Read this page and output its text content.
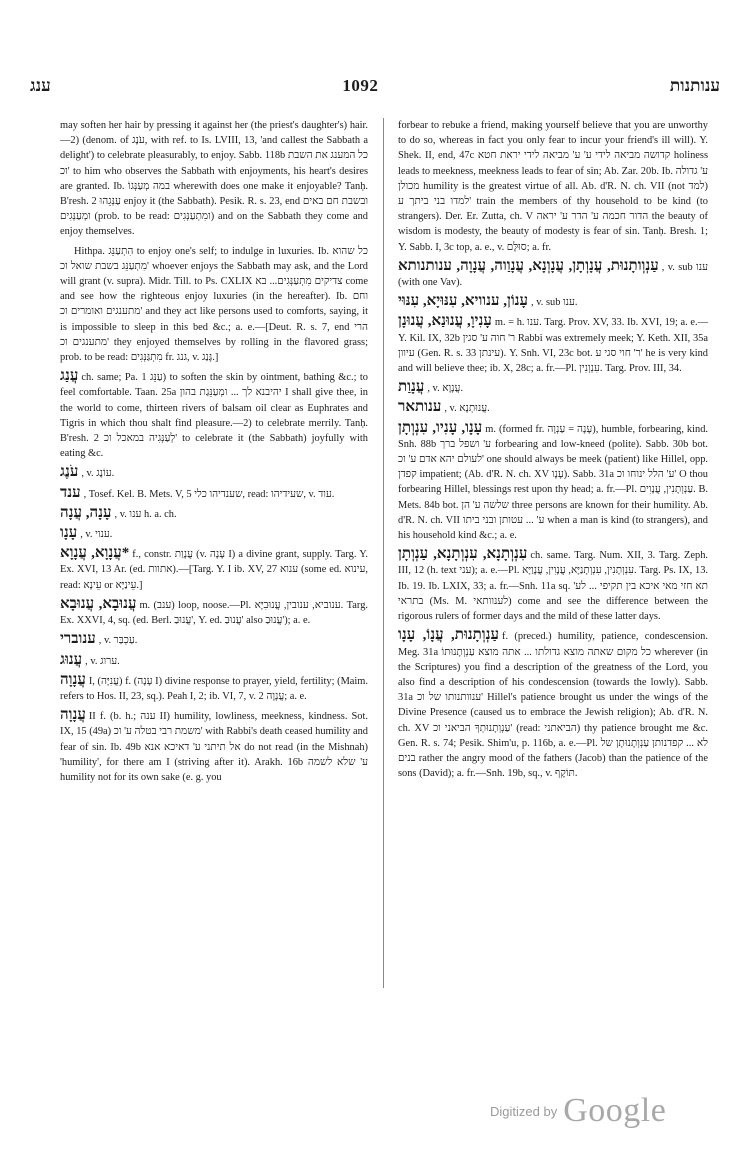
ענג	1092	ענותנות

may soften her hair by pressing it against her (the priest's daughter's) hair.—2) (denom. of עֹנֶג, with ref. to Is. LVIII, 13, 'and callest the Sabbath a delight') to celebrate pleasurably, to enjoy. Sabb. 118b כל המענג את השבת וכ' to him who observes the Sabbath with enjoyments, his heart's desires are granted. Ib. במה מְעַנְּגוֹ wherewith does one make it enjoyable? Tanḥ. B'resh. 2 עַנְּגֵהוּ enjoy it (the Sabbath). Pesik. R. s. 23, end ובשבת חם באים ומְעַנְּגִים (prob. to be read: ומִתְעַנְּגִים) and on the Sabbath they come and enjoy themselves.

Hithpa. הִתְעַנֵּג to enjoy one's self; to indulge in luxuries. Ib. כל שהוא מִתְעַנֵּג בשבת שואל וכ' whoever enjoys the Sabbath may ask, and the Lord will grant (v. supra). Midr. Till. to Ps. CXLIX צדיקים מִתְעַנְּגִים... בא come and see how the righteous enjoy luxuries (in the hereafter). Ib. וחם מתענגים ואומרים וכ' and they act like persons used to comforts, saying, it is impossible to sleep in this bed &c.; a. e.—[Deut. R. s. 7, end הרי מתענגים וכ' they enjoyed themselves by rolling in the flavored grass; prob. to be read: מִתְגַּנְּגִים fr. גנג, v. גָּנַג.]

עֲנַג ch. same; Pa. עַנֵּג 1) to soften the skin by ointment, bathing &c.; to feel comfortable. Taan. 25a יהיבנא לך ... ומְעַנֵּגַת בהון I shall give thee, in the world to come, thirteen rivers of balsam oil clear as Euphrates and Tigris in which thou shalt find pleasure.—2) to celebrate merrily. Tanḥ. B'resh. 2 לְעַנְּגִיה במאכל וכ' to celebrate it (the Sabbath) joyfully with eating &c.

עֹנֶג , v. עוֹנֶג.

ענד , Tosef. Kel. B. Mets. V, 5 שענדיהו כלי, read: שעידיהו, v. עוד.

עָנָה, עֲנָה , v. ענו h. a. ch.

עָנָו , v. ענוי.

*עֲנָוָא, עֲנָוָא f., constr. עֲנָוַת (v. עָנָה I) a divine grant, supply. Targ. Y. Ex. XVI, 13 Ar. (ed. אתוות).—[Targ. Y. I ib. XV, 27 ענוא (some ed. עינוא, read: עֵינָא or עֵינַיָּא.]

עֲנוּבָא, עֲנוּבָא m. (ענב) loop, noose.—Pl. ענוביא, ענובין, עֲנוּבִיָּא. Targ. Ex. XXVI, 4, sq. (ed. Berl. עֲנוּבַ', Y. ed. עֲנוּבַ' also עֲנוּבַ'); a. e.

ענוברי , v. עַכְבַּר.

עֲנוּג , v. ערוג.

עֲנָוָה I, (עֲנִיָּה) f. (עָנָה I) divine response to prayer, yield, fertility; (Maim. refers to Hos. II, 23, sq.). Peah I, 2; ib. VI, 7, v. עֲנָוָה 2; a. e.

עֲנָוָה II f. (b. h.; ענה II) humility, lowliness, meekness, kindness. Sot. IX, 15 (49a) משמת רבי בטלה ע' וכ' with Rabbi's death ceased humility and fear of sin. Ib. 49b אל תיתני ע' דאיכא אנא do not read (in the Mishnah) 'humility', for there am I (striving after it). Arakh. 16b ע' שלא לשמה humility not for its own sake (e. g. you

forbear to rebuke a friend, making yourself believe that you are unworthy to do so, whereas in fact you only fear to incur your friend's ill will). Y. Shek. II, end, 47c קדושה מביאה לידי ע' ע' מביאה לידי יראת חטא holiness leads to meekness, meekness leads to fear of sin; Ab. Zar. 20b. Ib. ע' גדולה מכולן humility is the greatest virtue of all. Ab. d'R. N. ch. VII (not למד) למדו בני ביתך ע' train the members of thy household to be kind (to strangers). Der. Er. Zutta, ch. V הדור חכמה ע' הדר ע' יראה the beauty of wisdom is modesty, the beauty of modesty is fear of sin. Tanḥ. Bresh. 1; Y. Sabb. I, 3c top, a. e., v. סוּלָּם; a. fr.

עַנְוְותָנוּת, עֲנָוְתָן, עֲנָוְנָא, עֲנָוַוה, עֲנָוָה, ענותנותא , v. sub ענו (with one Vav).

עָנוֹן, ענוויא, עִנּוּיָא, עִנּוּי , v. sub ענו.

עָנִיוָ, עֲנוּנַא, עֲנוּנָן m. = h. ענו. Targ. Prov. XV, 33. Ib. XVI, 19; a. e.—Y. Kil. IX, 32b ר' חוה ע' סגין Rabbi was extremely meek; Y. Keth. XII, 35a עיוון (Gen. R. s. 33 עינתן). Y. Snh. VI, 23c bot. ר' חוי סגי ע' he is very kind and will believe thee; ib. X, 28c; a. fr.—Pl. עִנְוְנִין. Targ. Prov. III, 34.

עֲנָוַת , v. עֲנָוָא.

ענותאר , v. עֲנוּתְנָא.

עָנָו, עָנִיו, עִנְוְתָן m. (formed fr. עָנָה = עַנְוָה), humble, forbearing, kind. Snh. 88b ע' ושפל ברך forbearing and low-kneed (polite). Sabb. 30b bot. לעולם יהא אדם ע' וכ' one should always be meek (patient) like Hillel, opp. קפדן impatient; (Ab. d'R. N. ch. XV עָנָו). Sabb. 31a ע' הלל ינוחו וכ' O thou forbearing Hillel, blessings rest upon thy head; a. fr.—Pl. עַנְוְתָנִין, עֲנָוִים. B. Mets. 84b bot. שלשה ע' הן three persons are known for their humility. Ab. d'R. N. ch. VII ע' ... עטותן ובני ביתו when a man is kind (to strangers), and his household kind &c.; a. e.

עִנְוְתָנָא, עִנְוְתָנָא, עַנְוְתָן ch. same. Targ. Num. XII, 3. Targ. Zeph. III, 12 (h. text עני); a. e.—Pl. עִנְוְתָנִין, עִנְוְתָנַיָּא, עֲנָוִין, עֲנָוַיָּא. Targ. Ps. IX, 13. Ib. 19. Ib. LXIX, 33; a. fr.—Snh. 11a sq. תא חזי מאי איכא בין תקיפי ... לע' בתראי (Ms. M. לענוותאי) come and see the difference between the rigorous rulers of former days and the mild of these latter days.

עַנְוְתָנוּת, עֲנָוֹ, עָנָו f. (preced.) humility, patience, condescension. Meg. 31a כל מקום שאתה מוצא גדולתו ... אתה מוצא עַנְוְתָנוּתוֹ wherever (in the Scriptures) you find a description of the greatness of the Lord, you also find a description of his condescension (towards the lowly). Sabb. 31a ענוותנותו של וכ' Hillel's patience brought us under the wings of the Divine Presence (caused us to embrace the Jewish religion); Ab. d'R. N. ch. XV עַנְוְתָנוּתְךָ הביאני וכ' (read: הביאתני) thy patience brought me &c. Gen. R. s. 74; Pesik. Shim'u, p. 116b, a. e.—Pl. לא ... קפדנותן עַנְוְתָנוּתָן של בנים rather the angry mood of the fathers (Jacob) than the patience of the sons (David); a. fr.—Snh. 19b, sq., v. תּוֹקֶף.

Digitized by Google
